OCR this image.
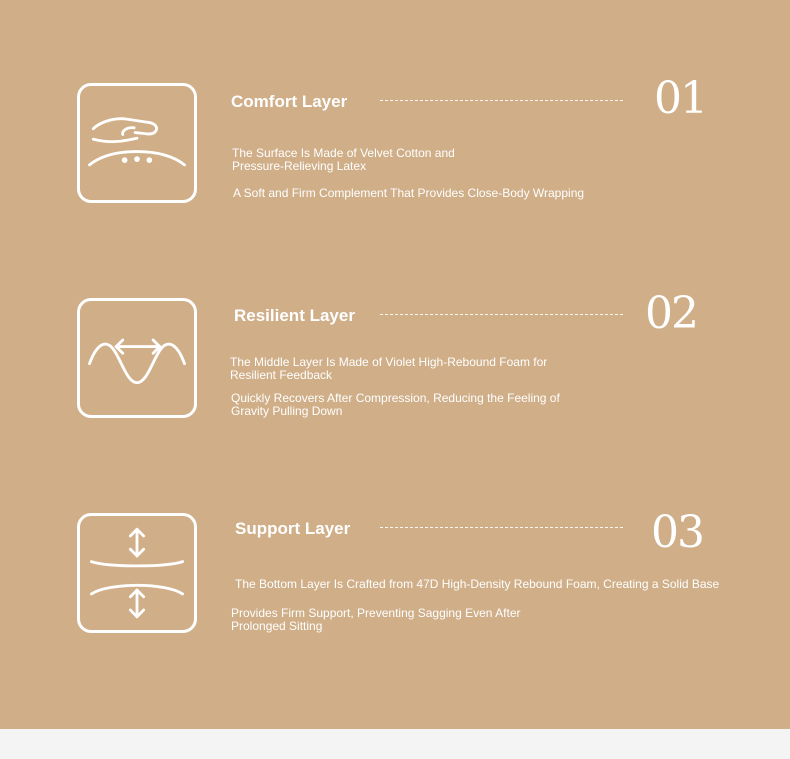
Comfort Layer	01

The Surface Is Made of Velvet Cotton and Pressure-Relieving Latex

A Soft and Firm Complement That Provides Close-Body Wrapping

Resilient Layer	02

The Middle Layer Is Made of Violet High-Rebound Foam for Resilient Feedback

Quickly Recovers After Compression, Reducing the Feeling of Gravity Pulling Down

Support Layer	03

The Bottom Layer Is Crafted from 47D High-Density Rebound Foam, Creating a Solid Base

Provides Firm Support, Preventing Sagging Even After Prolonged Sitting
